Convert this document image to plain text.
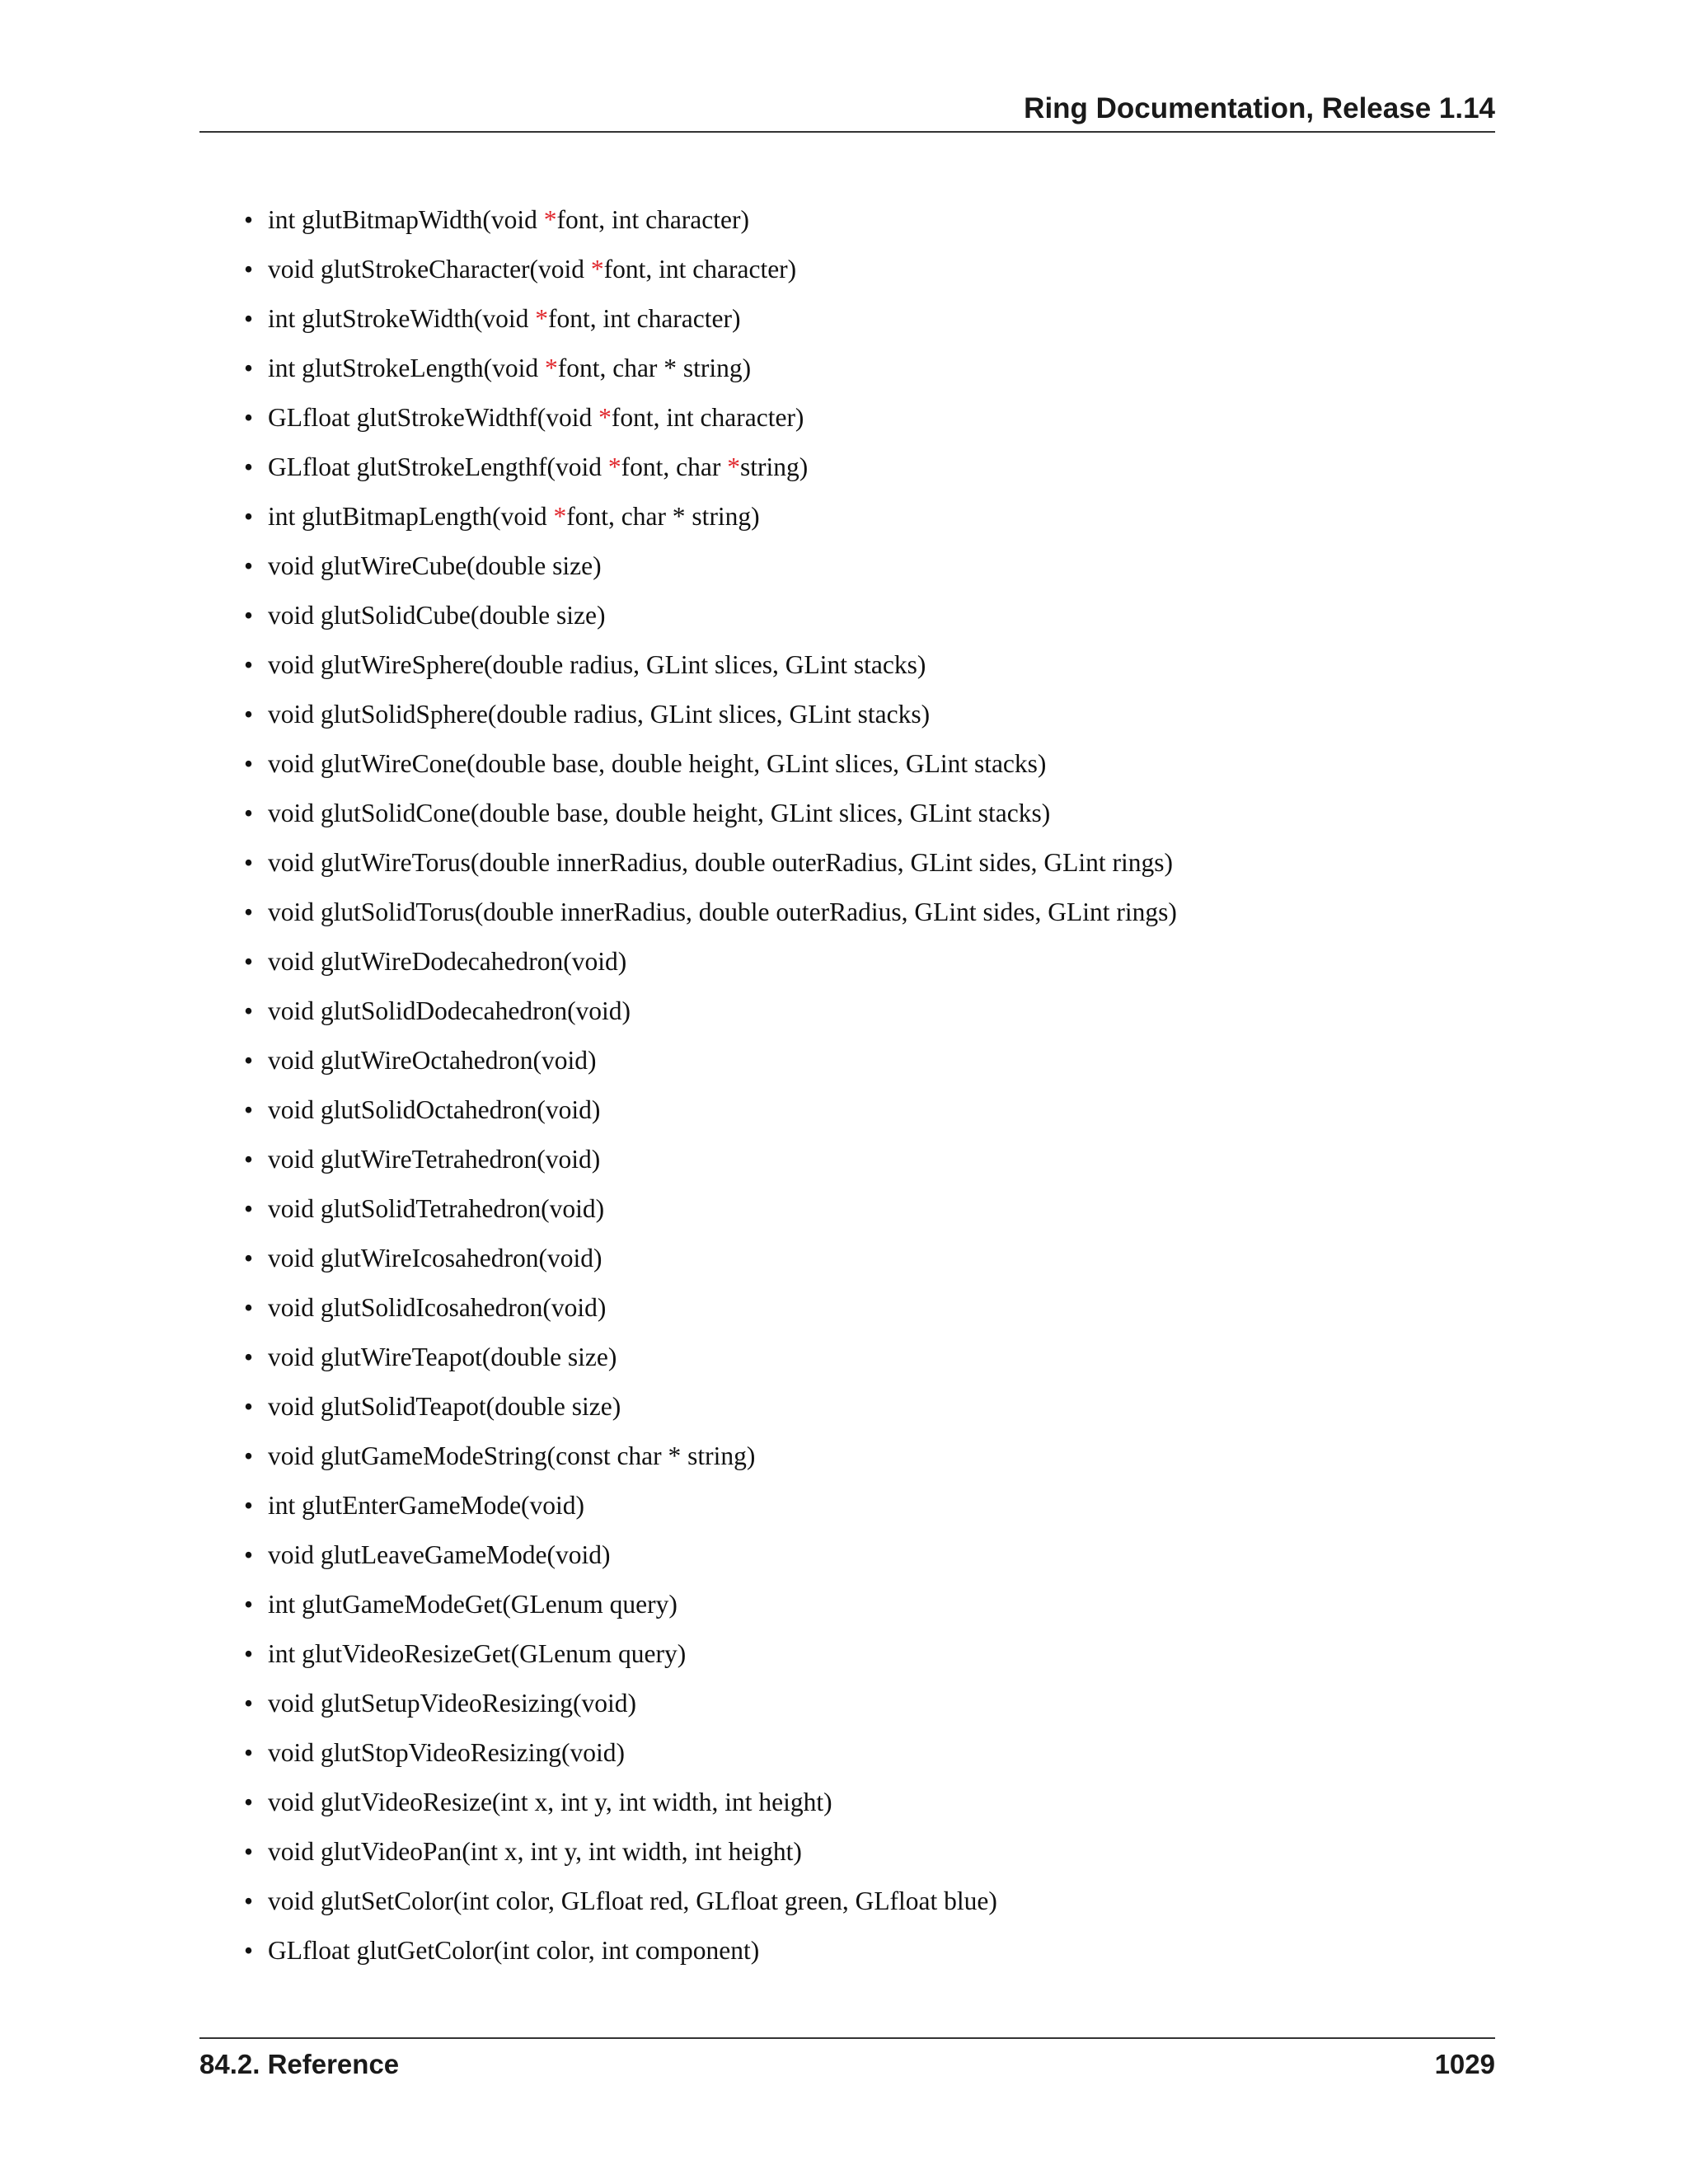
Ring Documentation, Release 1.14
• int glutBitmapWidth(void *font, int character)
• void glutStrokeCharacter(void *font, int character)
• int glutStrokeWidth(void *font, int character)
• int glutStrokeLength(void *font, char * string)
• GLfloat glutStrokeWidthf(void *font, int character)
• GLfloat glutStrokeLengthf(void *font, char *string)
• int glutBitmapLength(void *font, char * string)
• void glutWireCube(double size)
• void glutSolidCube(double size)
• void glutWireSphere(double radius, GLint slices, GLint stacks)
• void glutSolidSphere(double radius, GLint slices, GLint stacks)
• void glutWireCone(double base, double height, GLint slices, GLint stacks)
• void glutSolidCone(double base, double height, GLint slices, GLint stacks)
• void glutWireTorus(double innerRadius, double outerRadius, GLint sides, GLint rings)
• void glutSolidTorus(double innerRadius, double outerRadius, GLint sides, GLint rings)
• void glutWireDodecahedron(void)
• void glutSolidDodecahedron(void)
• void glutWireOctahedron(void)
• void glutSolidOctahedron(void)
• void glutWireTetrahedron(void)
• void glutSolidTetrahedron(void)
• void glutWireIcosahedron(void)
• void glutSolidIcosahedron(void)
• void glutWireTeapot(double size)
• void glutSolidTeapot(double size)
• void glutGameModeString(const char * string)
• int glutEnterGameMode(void)
• void glutLeaveGameMode(void)
• int glutGameModeGet(GLenum query)
• int glutVideoResizeGet(GLenum query)
• void glutSetupVideoResizing(void)
• void glutStopVideoResizing(void)
• void glutVideoResize(int x, int y, int width, int height)
• void glutVideoPan(int x, int y, int width, int height)
• void glutSetColor(int color, GLfloat red, GLfloat green, GLfloat blue)
• GLfloat glutGetColor(int color, int component)
84.2. Reference	1029
